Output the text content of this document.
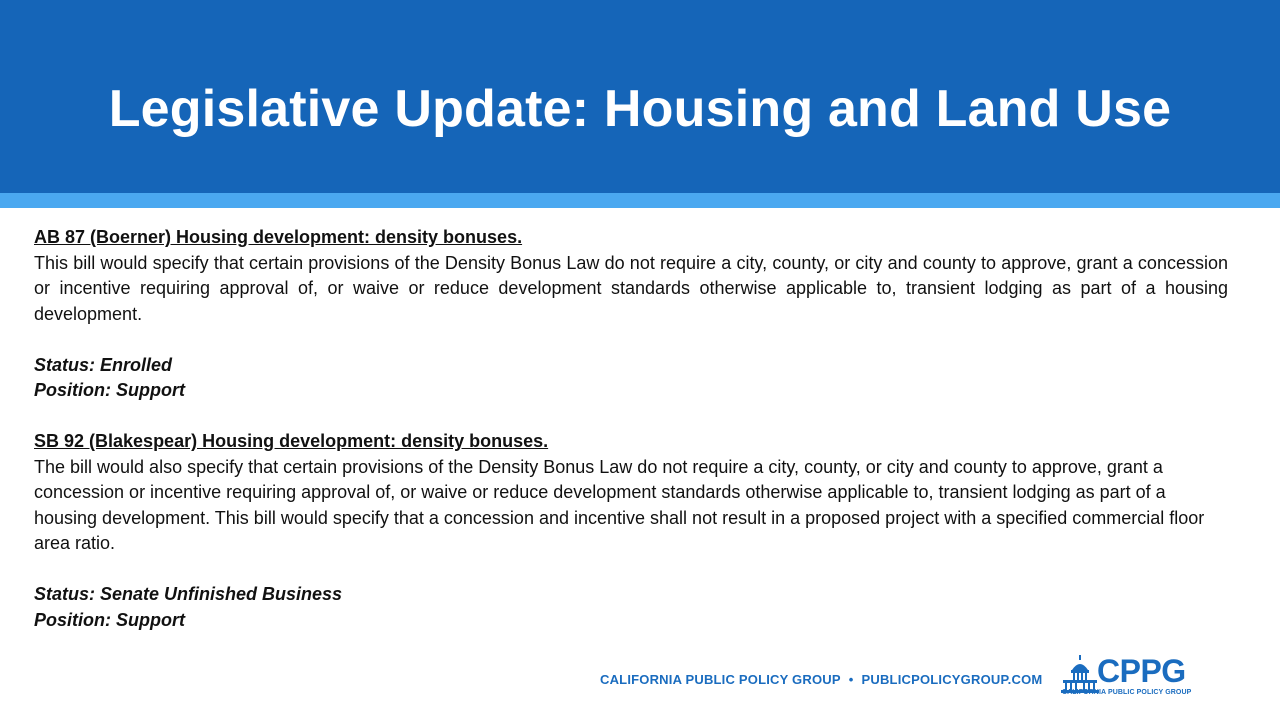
Legislative Update: Housing and Land Use
AB 87 (Boerner) Housing development: density bonuses.

This bill would specify that certain provisions of the Density Bonus Law do not require a city, county, or city and county to approve, grant a concession or incentive requiring approval of, or waive or reduce development standards otherwise applicable to, transient lodging as part of a housing development.

Status: Enrolled
Position: Support
SB 92 (Blakespear) Housing development: density bonuses.

The bill would also specify that certain provisions of the Density Bonus Law do not require a city, county, or city and county to approve, grant a concession or incentive requiring approval of, or waive or reduce development standards otherwise applicable to, transient lodging as part of a housing development. This bill would specify that a concession and incentive shall not result in a proposed project with a specified commercial floor area ratio.

Status: Senate Unfinished Business
Position: Support
CALIFORNIA PUBLIC POLICY GROUP • PUBLICPOLICYGROUP.COM CPPG
CALIFORNIA PUBLIC POLICY GROUP
